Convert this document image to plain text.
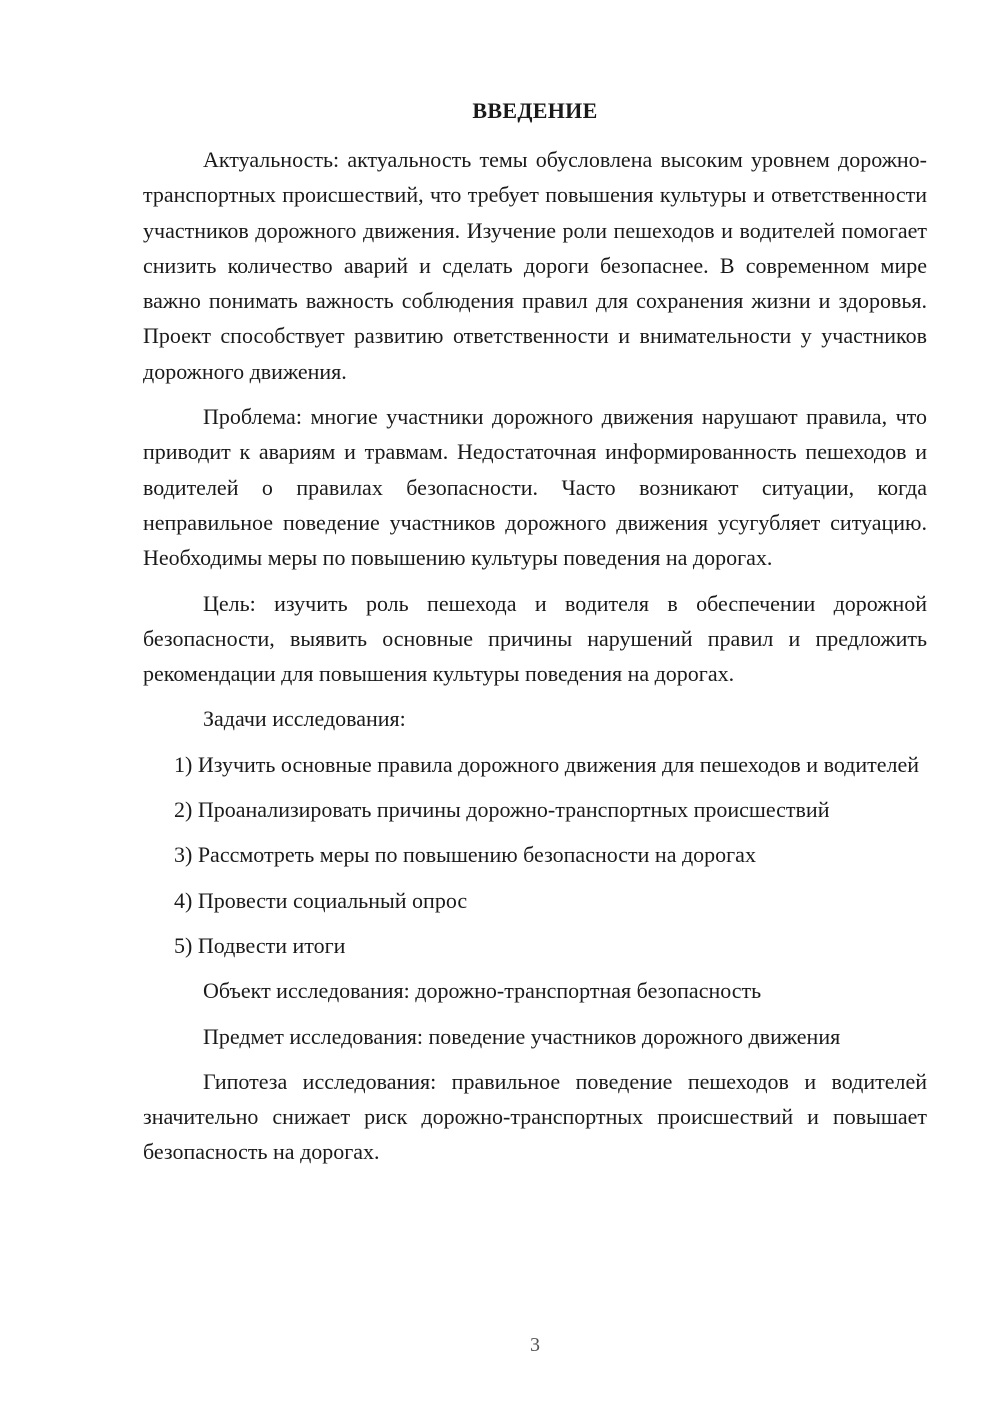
ВВЕДЕНИЕ

Актуальность: актуальность темы обусловлена высоким уровнем дорожно-транспортных происшествий, что требует повышения культуры и ответственности участников дорожного движения. Изучение роли пешеходов и водителей помогает снизить количество аварий и сделать дороги безопаснее. В современном мире важно понимать важность соблюдения правил для сохранения жизни и здоровья. Проект способствует развитию ответственности и внимательности у участников дорожного движения.

Проблема: многие участники дорожного движения нарушают правила, что приводит к авариям и травмам. Недостаточная информированность пешеходов и водителей о правилах безопасности. Часто возникают ситуации, когда неправильное поведение участников дорожного движения усугубляет ситуацию. Необходимы меры по повышению культуры поведения на дорогах.

Цель: изучить роль пешехода и водителя в обеспечении дорожной безопасности, выявить основные причины нарушений правил и предложить рекомендации для повышения культуры поведения на дорогах.

Задачи исследования:

1) Изучить основные правила дорожного движения для пешеходов и водителей

2) Проанализировать причины дорожно-транспортных происшествий

3) Рассмотреть меры по повышению безопасности на дорогах

4) Провести социальный опрос

5) Подвести итоги

Объект исследования: дорожно-транспортная безопасность

Предмет исследования: поведение участников дорожного движения

Гипотеза исследования: правильное поведение пешеходов и водителей значительно снижает риск дорожно-транспортных происшествий и повышает безопасность на дорогах.

3
